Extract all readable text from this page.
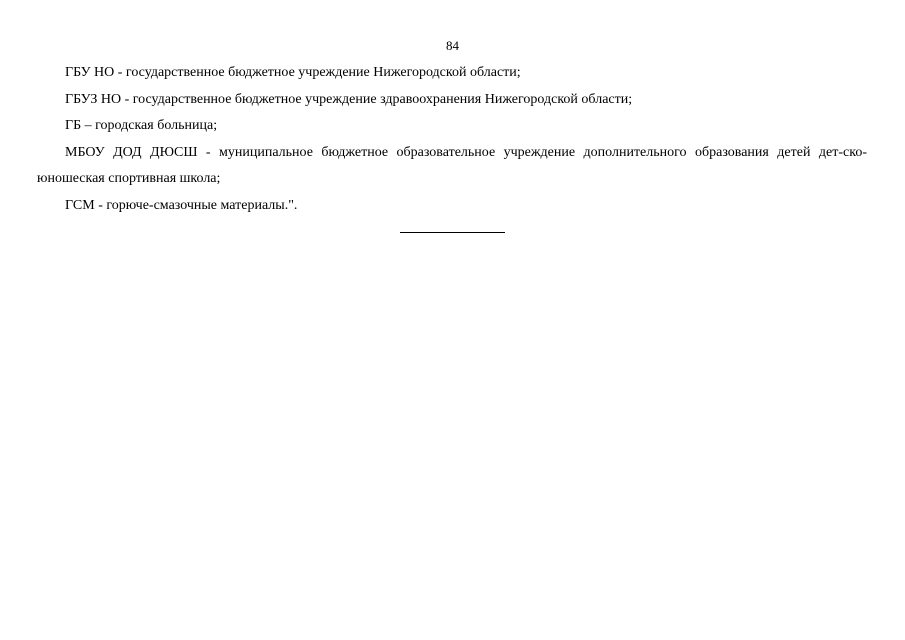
84

ГБУ НО - государственное бюджетное учреждение Нижегородской области;

ГБУЗ НО - государственное бюджетное учреждение здравоохранения Нижегородской области;

ГБ – городская больница;

МБОУ ДОД ДЮСШ - муниципальное бюджетное образовательное учреждение дополнительного образования детей дет-ско-юношеская спортивная школа;

ГСМ - горюче-смазочные материалы.".
